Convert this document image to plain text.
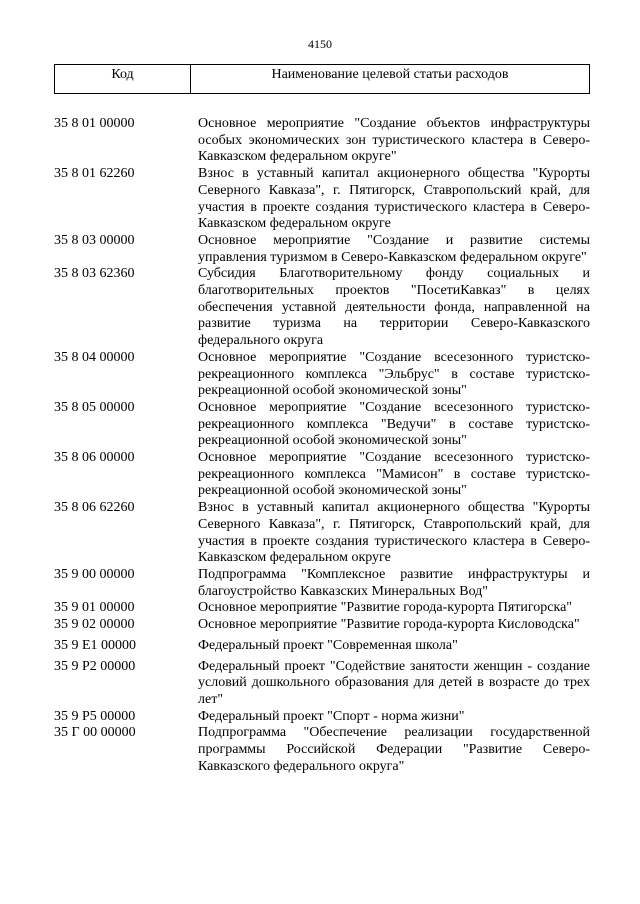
4150
Код	Наименование целевой статьи расходов
35 8 01 00000	Основное мероприятие "Создание объектов инфраструктуры особых экономических зон туристического кластера в Северо-Кавказском федеральном округе"
35 8 01 62260	Взнос в уставный капитал акционерного общества "Курорты Северного Кавказа", г. Пятигорск, Ставропольский край, для участия в проекте создания туристического кластера в Северо-Кавказском федеральном округе
35 8 03 00000	Основное мероприятие "Создание и развитие системы управления туризмом в Северо-Кавказском федеральном округе"
35 8 03 62360	Субсидия Благотворительному фонду социальных и благотворительных проектов "ПосетиКавказ" в целях обеспечения уставной деятельности фонда, направленной на развитие туризма на территории Северо-Кавказского федерального округа
35 8 04 00000	Основное мероприятие "Создание всесезонного туристско-рекреационного комплекса "Эльбрус" в составе туристско-рекреационной особой экономической зоны"
35 8 05 00000	Основное мероприятие "Создание всесезонного туристско-рекреационного комплекса "Ведучи" в составе туристско-рекреационной особой экономической зоны"
35 8 06 00000	Основное мероприятие "Создание всесезонного туристско-рекреационного комплекса "Мамисон" в составе туристско-рекреационной особой экономической зоны"
35 8 06 62260	Взнос в уставный капитал акционерного общества "Курорты Северного Кавказа", г. Пятигорск, Ставропольский край, для участия в проекте создания туристического кластера в Северо-Кавказском федеральном округе
35 9 00 00000	Подпрограмма "Комплексное развитие инфраструктуры и благоустройство Кавказских Минеральных Вод"
35 9 01 00000	Основное мероприятие "Развитие города-курорта Пятигорска"
35 9 02 00000	Основное мероприятие "Развитие города-курорта Кисловодска"
35 9 E1 00000	Федеральный проект "Современная школа"
35 9 P2 00000	Федеральный проект "Содействие занятости женщин - создание условий дошкольного образования для детей в возрасте до трех лет"
35 9 P5 00000	Федеральный проект "Спорт - норма жизни"
35 Г 00 00000	Подпрограмма "Обеспечение реализации государственной программы Российской Федерации "Развитие Северо-Кавказского федерального округа"
